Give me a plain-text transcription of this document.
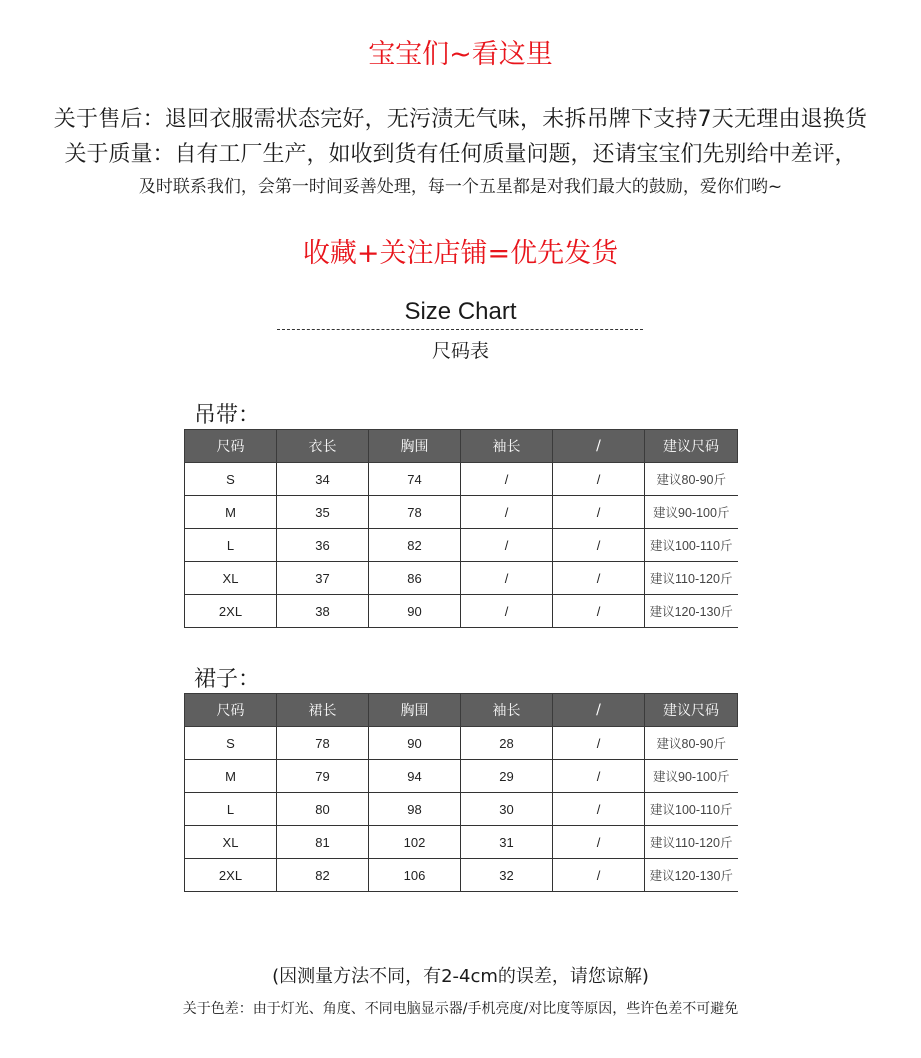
宝宝们~看这里
关于售后：退回衣服需状态完好，无污渍无气味，未拆吊牌下支持7天无理由退换货
关于质量：自有工厂生产，如收到货有任何质量问题，还请宝宝们先别给中差评，
及时联系我们，会第一时间妥善处理，每一个五星都是对我们最大的鼓励，爱你们哟~
收藏+关注店铺=优先发货
Size Chart
尺码表
吊带：
尺码	衣长	胸围	袖长	/	建议尺码
S	34	74	/	/	建议80-90斤
M	35	78	/	/	建议90-100斤
L	36	82	/	/	建议100-110斤
XL	37	86	/	/	建议110-120斤
2XL	38	90	/	/	建议120-130斤
裙子：
尺码	裙长	胸围	袖长	/	建议尺码
S	78	90	28	/	建议80-90斤
M	79	94	29	/	建议90-100斤
L	80	98	30	/	建议100-110斤
XL	81	102	31	/	建议110-120斤
2XL	82	106	32	/	建议120-130斤
(因测量方法不同，有2-4cm的误差，请您谅解)
关于色差：由于灯光、角度、不同电脑显示器/手机亮度/对比度等原因，些许色差不可避免
